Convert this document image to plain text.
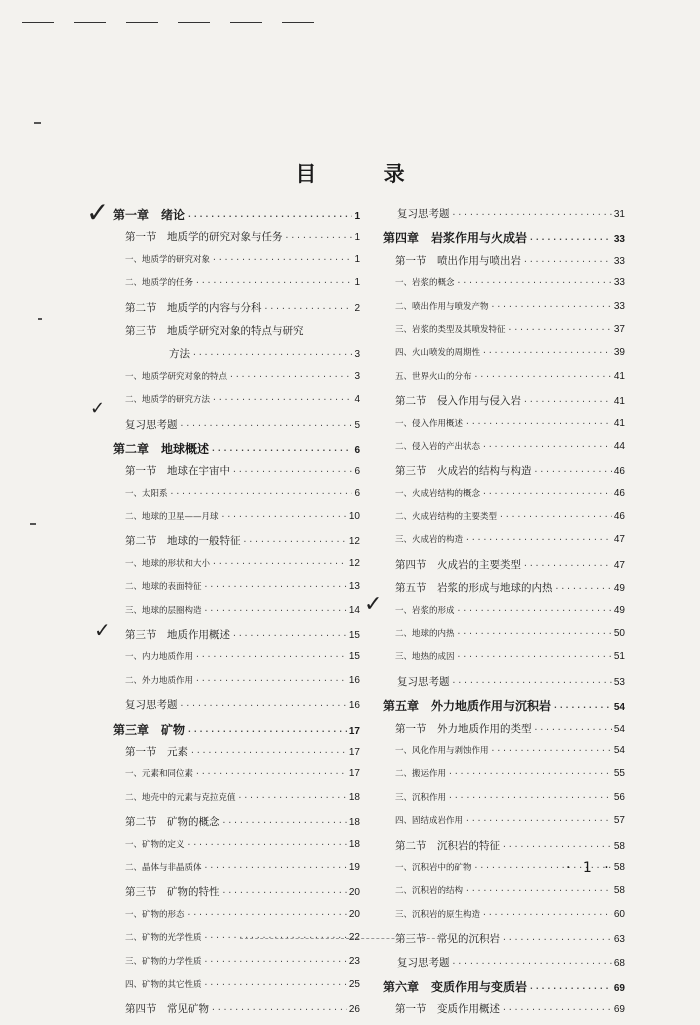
目 录
✓
✓
✓
✓
第一章　绪论 ·····	1
第一节　地质学的研究对象与任务 ·····	1
一、地质学的研究对象 ·····	1
二、地质学的任务 ·····	1
第二节　地质学的内容与分科 ·····	2
第三节　地质学研究对象的特点与研究
方法 ·····	3
一、地质学研究对象的特点 ·····	3
二、地质学的研究方法 ·····	4
复习思考题 ·····	5
第二章　地球概述 ·····	6
第一节　地球在宇宙中 ·····	6
一、太阳系 ·····	6
二、地球的卫星——月球 ·····	10
第二节　地球的一般特征 ·····	12
一、地球的形状和大小 ·····	12
二、地球的表面特征 ·····	13
三、地球的层圈构造 ·····	14
第三节　地质作用概述 ·····	15
一、内力地质作用 ·····	15
二、外力地质作用 ·····	16
复习思考题 ·····	16
第三章　矿物 ·····	17
第一节　元素 ·····	17
一、元素和同位素 ·····	17
二、地壳中的元素与克拉克值 ·····	18
第二节　矿物的概念 ·····	18
一、矿物的定义 ·····	18
二、晶体与非晶质体 ·····	19
第三节　矿物的特性 ·····	20
一、矿物的形态 ·····	20
二、矿物的光学性质 ·····	22
三、矿物的力学性质 ·····	23
四、矿物的其它性质 ·····	25
第四节　常见矿物 ·····	26
复习思考题 ·····	31
第四章　岩浆作用与火成岩 ·····	33
第一节　喷出作用与喷出岩 ·····	33
一、岩浆的概念 ·····	33
二、喷出作用与喷发产物 ·····	33
三、岩浆的类型及其喷发特征 ·····	37
四、火山喷发的周期性 ·····	39
五、世界火山的分布 ·····	41
第二节　侵入作用与侵入岩 ·····	41
一、侵入作用概述 ·····	41
二、侵入岩的产出状态 ·····	44
第三节　火成岩的结构与构造 ·····	46
一、火成岩结构的概念 ·····	46
二、火成岩结构的主要类型 ·····	46
三、火成岩的构造 ·····	47
第四节　火成岩的主要类型 ·····	47
第五节　岩浆的形成与地球的内热 ·····	49
一、岩浆的形成 ·····	49
二、地球的内热 ·····	50
三、地热的成因 ·····	51
复习思考题 ·····	53
第五章　外力地质作用与沉积岩 ·····	54
第一节　外力地质作用的类型 ·····	54
一、风化作用与剥蚀作用 ·····	54
二、搬运作用 ·····	55
三、沉积作用 ·····	56
四、固结成岩作用 ·····	57
第二节　沉积岩的特征 ·····	58
一、沉积岩中的矿物 ·····	58
二、沉积岩的结构 ·····	58
三、沉积岩的原生构造 ·····	60
第三节　常见的沉积岩 ·····	63
复习思考题 ·····	68
第六章　变质作用与变质岩 ·····	69
第一节　变质作用概述 ·····	69
· 1 ·
